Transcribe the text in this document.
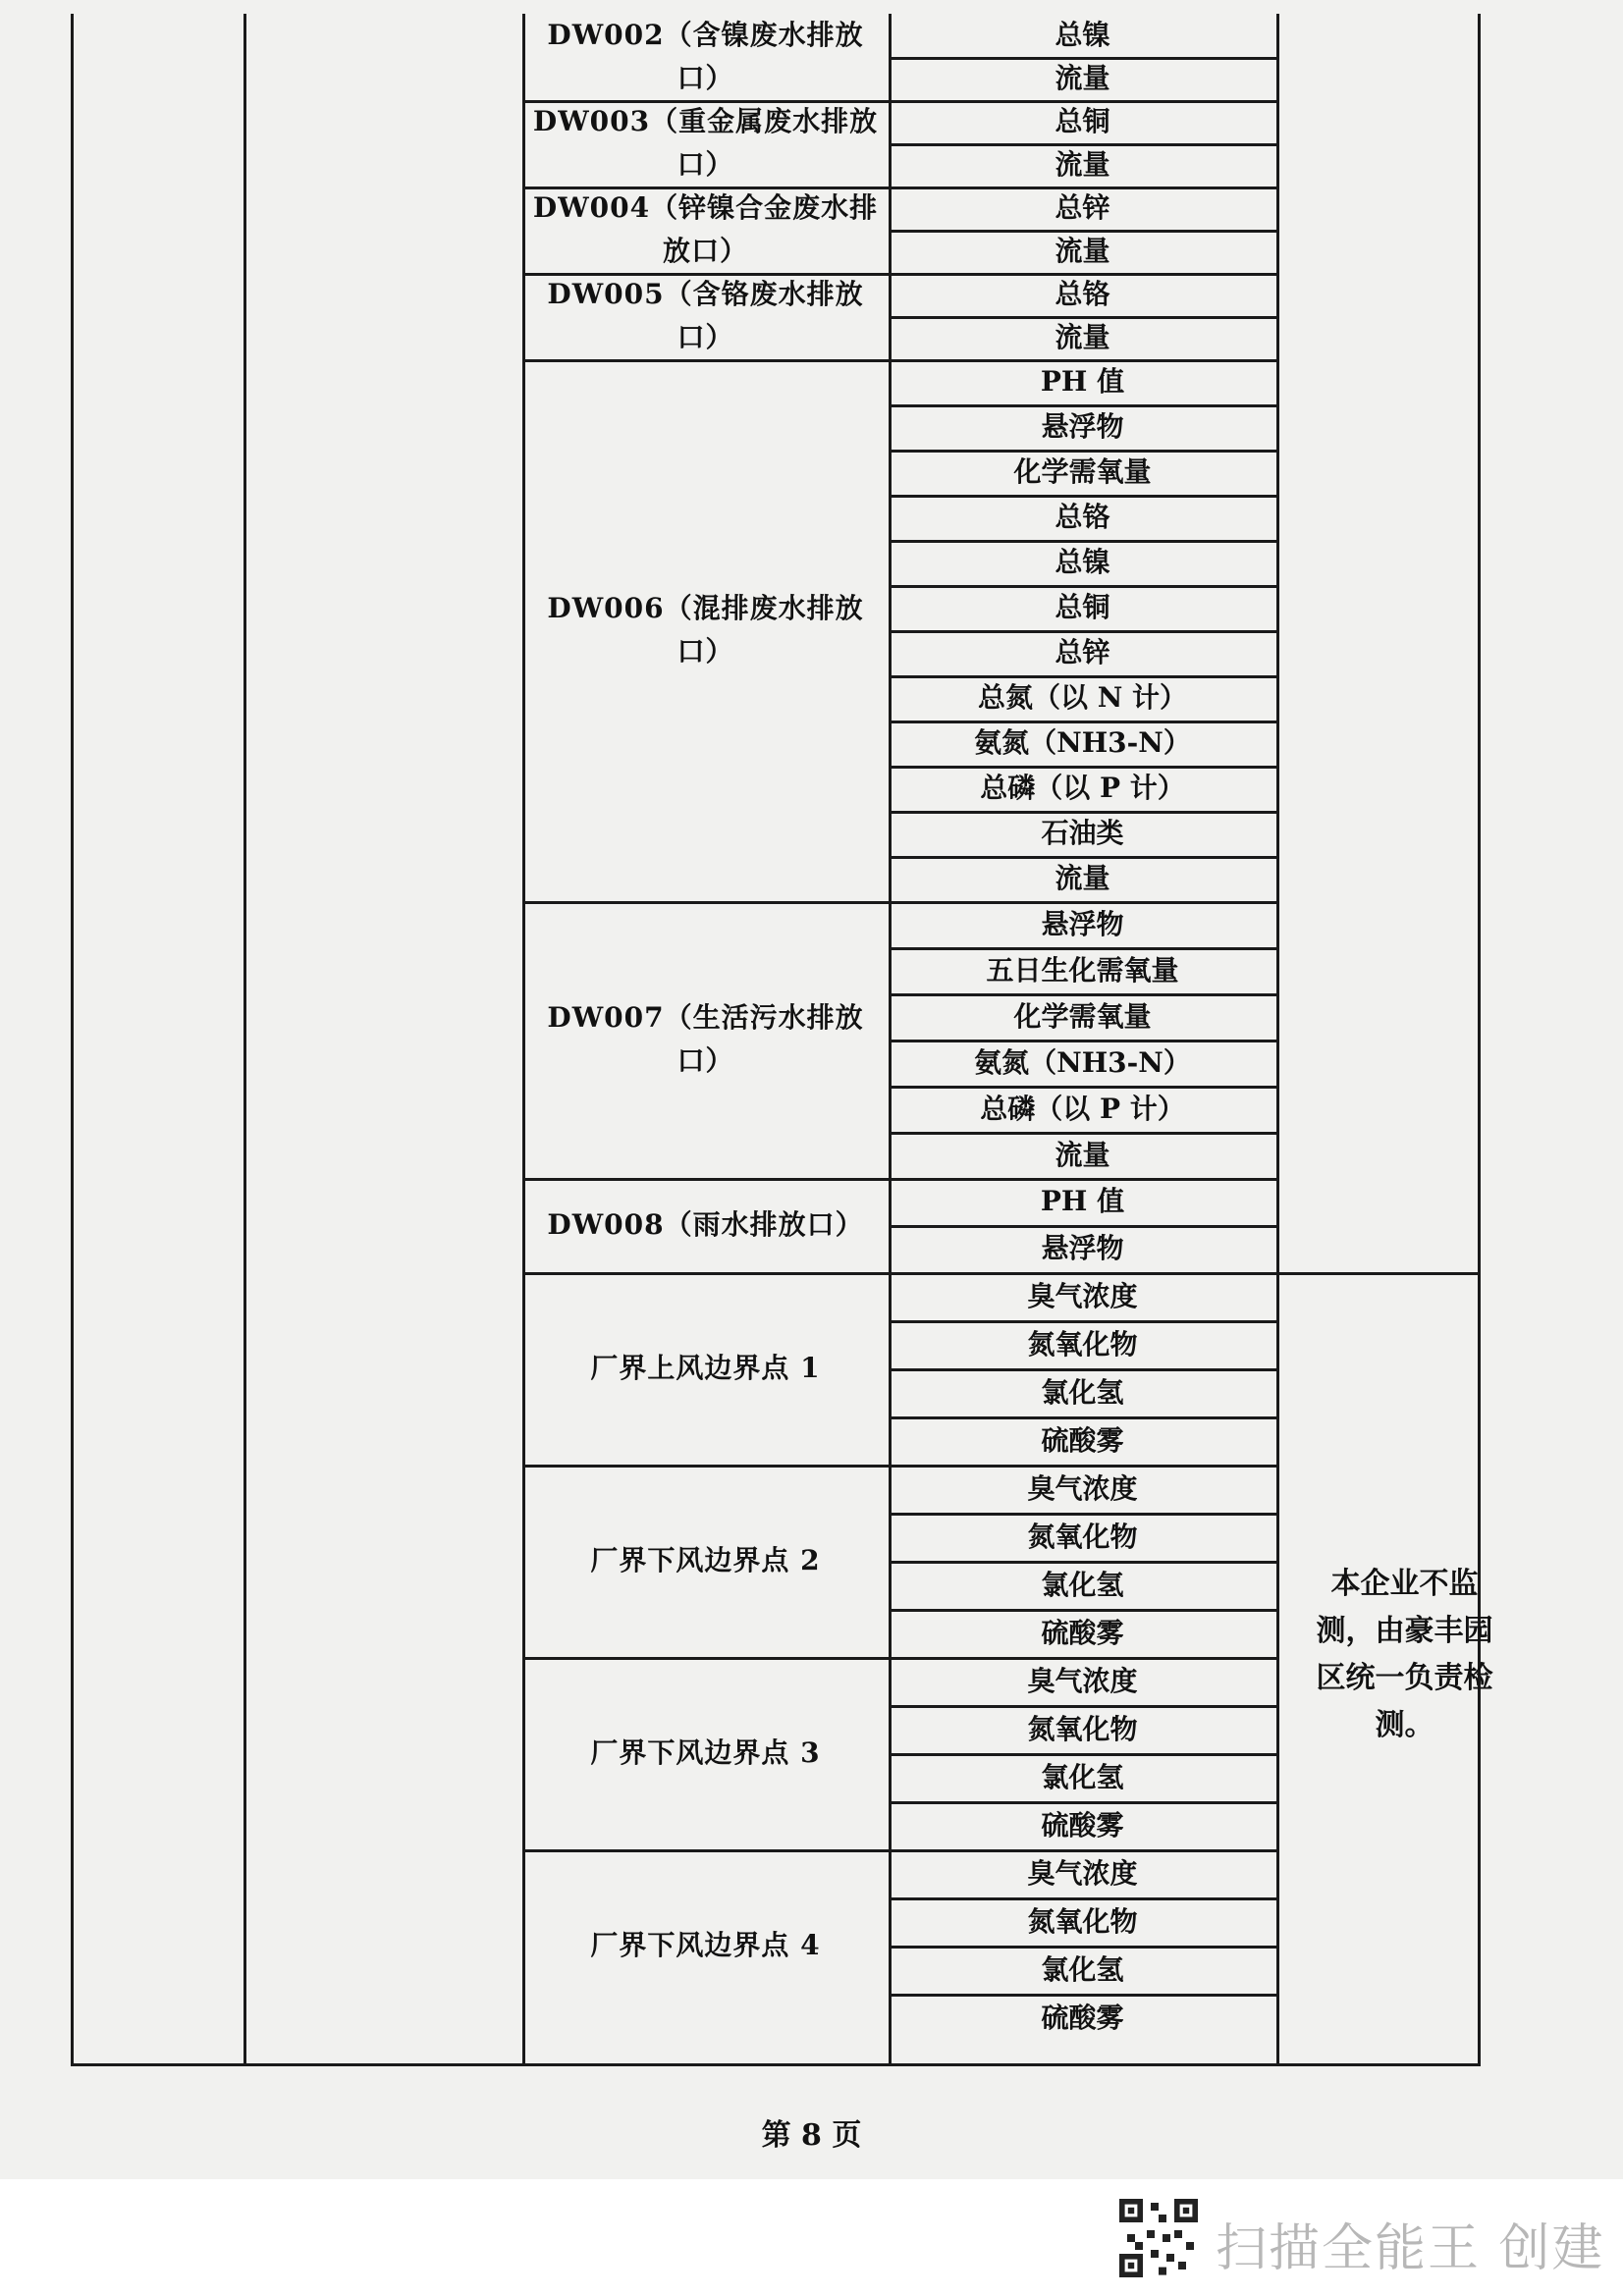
总镍
流量
DW002（含镍废水排放口）
总铜
流量
DW003（重金属废水排放口）
总锌
流量
DW004（锌镍合金废水排放口）
总铬
流量
DW005（含铬废水排放口）
PH 值
悬浮物
化学需氧量
总铬
总镍
总铜
总锌
总氮（以 N 计）
氨氮（NH3-N）
总磷（以 P 计）
石油类
流量
DW006（混排废水排放口）
悬浮物
五日生化需氧量
化学需氧量
氨氮（NH3-N）
总磷（以 P 计）
流量
DW007（生活污水排放口）
PH 值
悬浮物
DW008（雨水排放口）
臭气浓度
氮氧化物
氯化氢
硫酸雾
厂界上风边界点 1
臭气浓度
氮氧化物
氯化氢
硫酸雾
厂界下风边界点 2
臭气浓度
氮氧化物
氯化氢
硫酸雾
厂界下风边界点 3
臭气浓度
氮氧化物
氯化氢
硫酸雾
厂界下风边界点 4
本企业不监测，由豪丰园区统一负责检测。
第 8 页
扫描全能王 创建
